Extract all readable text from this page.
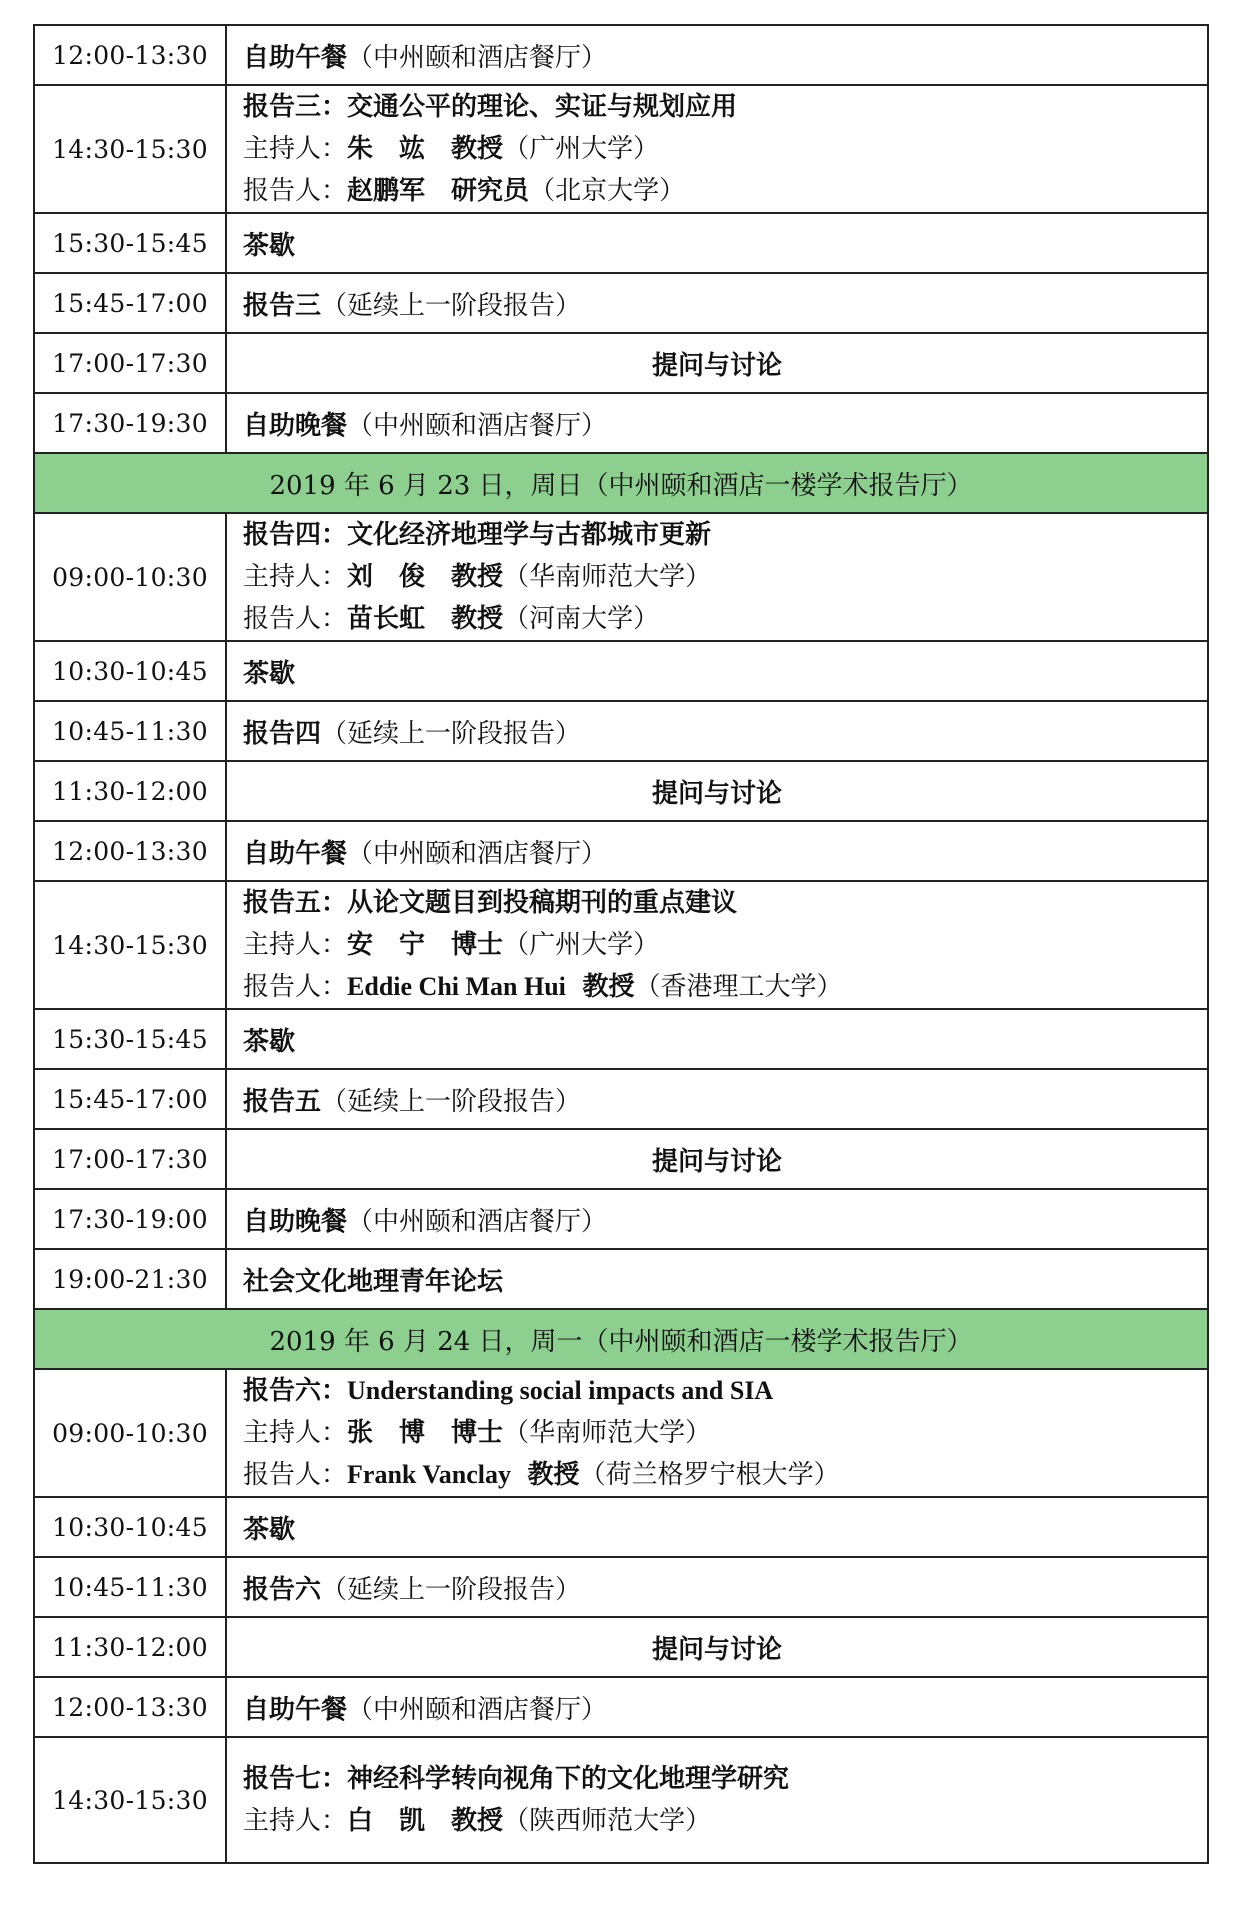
12:00-13:30	自助午餐（中州颐和酒店餐厅）
14:30-15:30	报告三：交通公平的理论、实证与规划应用
主持人：朱　竑　 教授（广州大学）
报告人：赵鹏军　 研究员（北京大学）

15:30-15:45	茶歇
15:45-17:00	报告三（延续上一阶段报告）
17:00-17:30	提问与讨论
17:30-19:30	自助晚餐（中州颐和酒店餐厅）
2019 年 6 月 23 日，周日（中州颐和酒店一楼学术报告厅）	
09:00-10:30	报告四：文化经济地理学与古都城市更新
主持人：刘　俊　 教授（华南师范大学）
报告人：苗长虹　 教授（河南大学）

10:30-10:45	茶歇
10:45-11:30	报告四（延续上一阶段报告）
11:30-12:00	提问与讨论
12:00-13:30	自助午餐（中州颐和酒店餐厅）
14:30-15:30	报告五：从论文题目到投稿期刊的重点建议
主持人：安　宁　 博士（广州大学）
报告人：Eddie Chi Man Hui 教授（香港理工大学）

15:30-15:45	茶歇
15:45-17:00	报告五（延续上一阶段报告）
17:00-17:30	提问与讨论
17:30-19:00	自助晚餐（中州颐和酒店餐厅）
19:00-21:30	社会文化地理青年论坛
2019 年 6 月 24 日，周一（中州颐和酒店一楼学术报告厅）	
09:00-10:30	报告六：Understanding social impacts and SIA
主持人：张　博　 博士（华南师范大学）
报告人：Frank Vanclay 教授（荷兰格罗宁根大学）

10:30-10:45	茶歇
10:45-11:30	报告六（延续上一阶段报告）
11:30-12:00	提问与讨论
12:00-13:30	自助午餐（中州颐和酒店餐厅）
14:30-15:30	报告七：神经科学转向视角下的文化地理学研究
主持人：白　凯　 教授（陕西师范大学）
